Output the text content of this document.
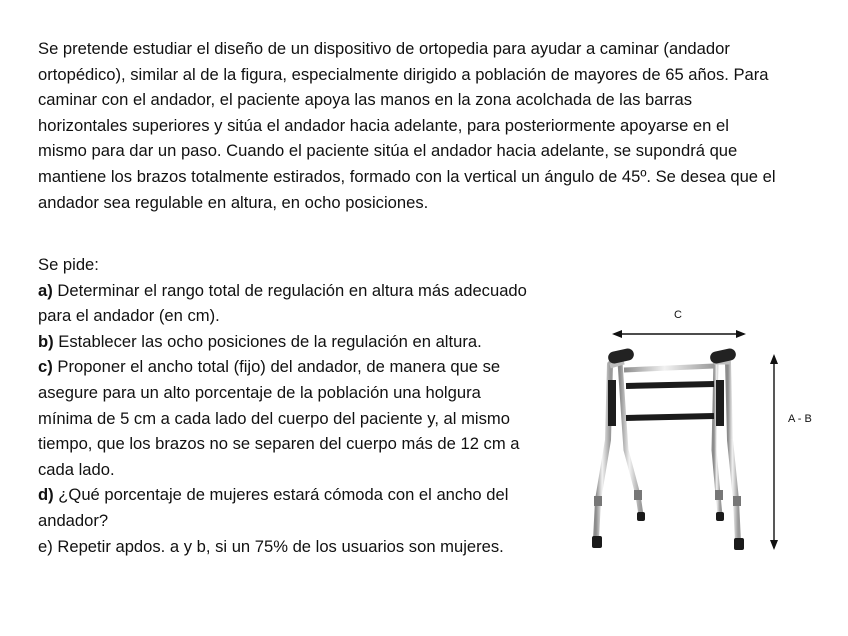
Se pretende estudiar el diseño de un dispositivo de ortopedia para ayudar a caminar (andador ortopédico), similar al de la figura, especialmente dirigido a población de mayores de 65 años. Para caminar con el andador, el paciente apoya las manos en la zona acolchada de las barras horizontales superiores y sitúa el andador hacia adelante, para posteriormente apoyarse en el mismo para dar un paso. Cuando el paciente sitúa el andador hacia adelante, se supondrá que mantiene los brazos totalmente estirados, formado con la vertical un ángulo de 45º. Se desea que el andador sea regulable en altura, en ocho posiciones.

Se pide:

a) Determinar el rango total de regulación en altura más adecuado para el andador (en cm).

b) Establecer las ocho posiciones de la regulación en altura.

c) Proponer el ancho total (fijo) del andador, de manera que se asegure para un alto porcentaje de la población una holgura mínima de 5 cm a cada lado del cuerpo del paciente y, al mismo tiempo, que los brazos no se separen del cuerpo más de 12 cm a cada lado.

d) ¿Qué porcentaje de mujeres estará cómoda con el ancho del andador?

e) Repetir apdos. a y b, si un 75% de los usuarios son mujeres.

C
A - B
